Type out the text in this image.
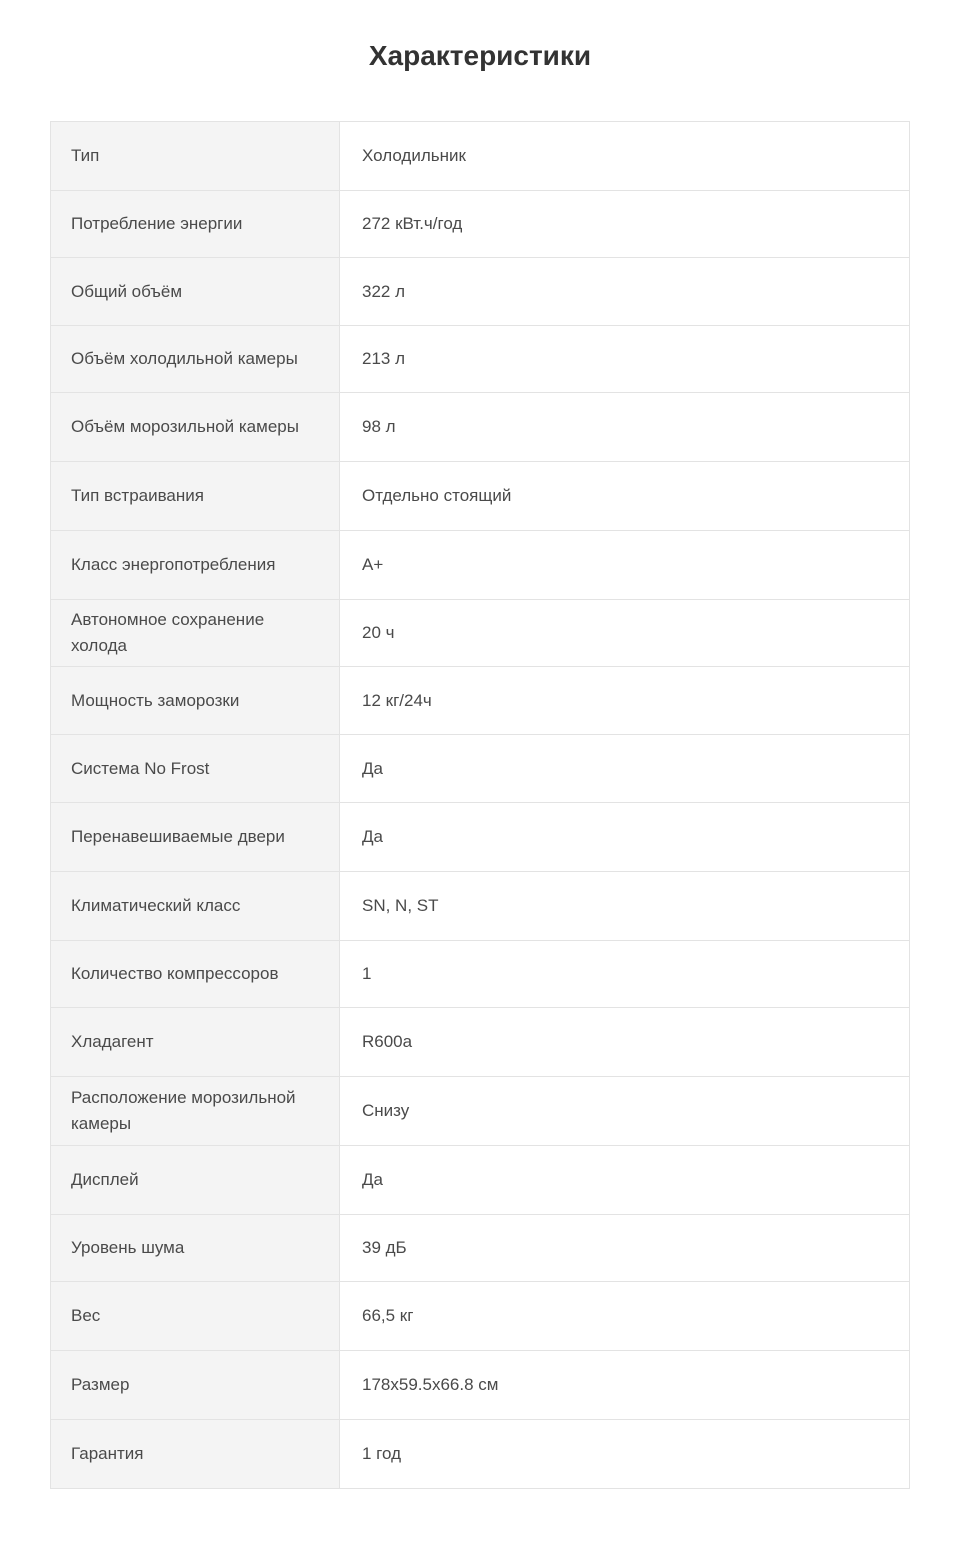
Характеристики
Тип	Холодильник
Потребление энергии	272 кВт.ч/год
Общий объём	322 л
Объём холодильной камеры	213 л
Объём морозильной камеры	98 л
Тип встраивания	Отдельно стоящий
Класс энергопотребления	A+
Автономное сохранение холода	20 ч
Мощность заморозки	12 кг/24ч
Система No Frost	Да
Перенавешиваемые двери	Да
Климатический класс	SN, N, ST
Количество компрессоров	1
Хладагент	R600a
Расположение морозильной камеры	Снизу
Дисплей	Да
Уровень шума	39 дБ
Вес	66,5 кг
Размер	178x59.5x66.8 см
Гарантия	1 год
